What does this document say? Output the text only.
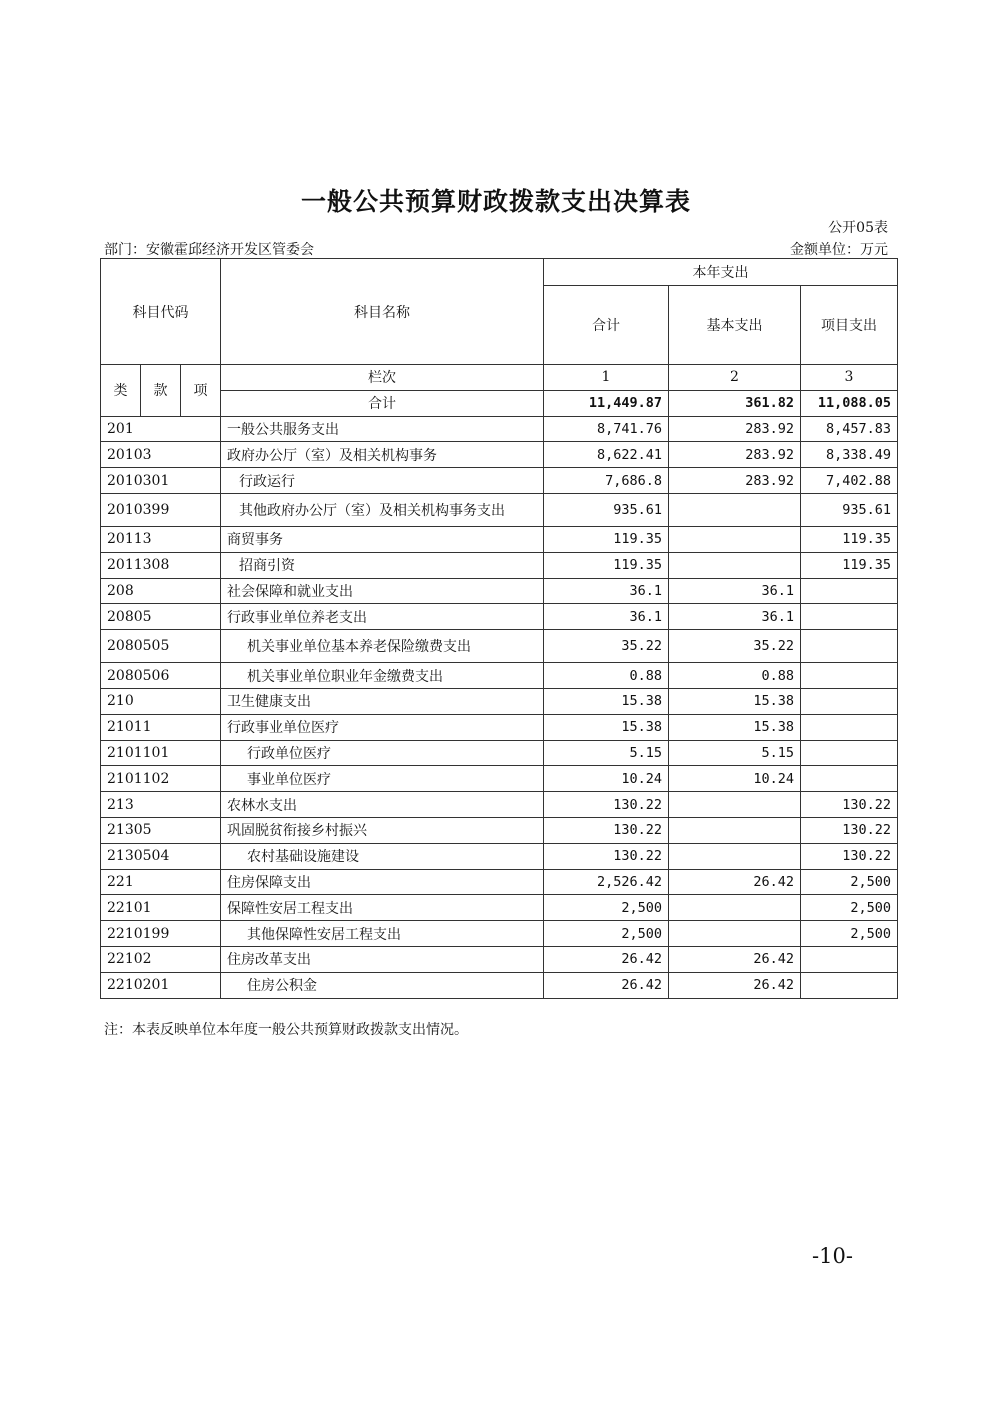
一般公共预算财政拨款支出决算表
公开05表
部门：安徽霍邱经济开发区管委会	金额单位：万元
科目代码			科目名称	本年支出		
				合计	基本支出	项目支出

类	款	项	栏次	1	2	3
			合计	11,449.87	361.82	11,088.05
201			一般公共服务支出	8,741.76	283.92	8,457.83
20103			政府办公厅（室）及相关机构事务	8,622.41	283.92	8,338.49
2010301			行政运行	7,686.8	283.92	7,402.88
2010399			其他政府办公厅（室）及相关机构事务支出	935.61		935.61
20113			商贸事务	119.35		119.35
2011308			招商引资	119.35		119.35
208			社会保障和就业支出	36.1	36.1	
20805			行政事业单位养老支出	36.1	36.1	
2080505			机关事业单位基本养老保险缴费支出	35.22	35.22	
2080506			机关事业单位职业年金缴费支出	0.88	0.88	
210			卫生健康支出	15.38	15.38	
21011			行政事业单位医疗	15.38	15.38	
2101101			行政单位医疗	5.15	5.15	
2101102			事业单位医疗	10.24	10.24	
213			农林水支出	130.22		130.22
21305			巩固脱贫衔接乡村振兴	130.22		130.22
2130504			农村基础设施建设	130.22		130.22
221			住房保障支出	2,526.42	26.42	2,500
22101			保障性安居工程支出	2,500		2,500
2210199			其他保障性安居工程支出	2,500		2,500
22102			住房改革支出	26.42	26.42	
2210201			住房公积金	26.42	26.42	
注：本表反映单位本年度一般公共预算财政拨款支出情况。
-10-
